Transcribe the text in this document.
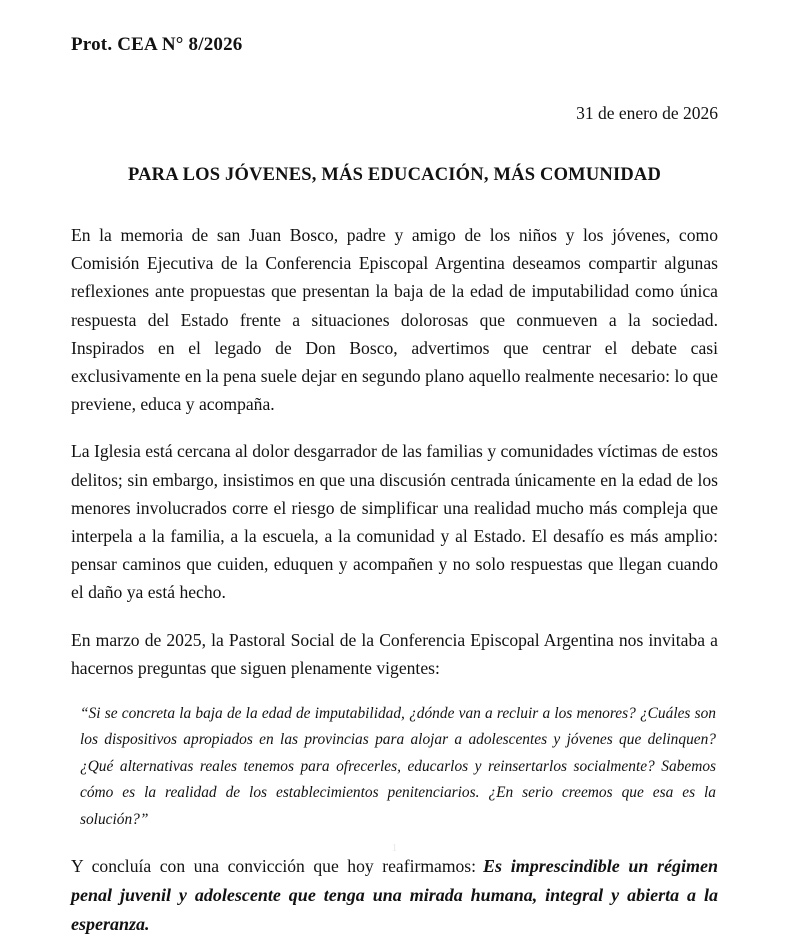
Prot. CEA N° 8/2026

31 de enero de 2026

PARA LOS JÓVENES, MÁS EDUCACIÓN, MÁS COMUNIDAD

En la memoria de san Juan Bosco, padre y amigo de los niños y los jóvenes, como Comisión Ejecutiva de la Conferencia Episcopal Argentina deseamos compartir algunas reflexiones ante propuestas que presentan la baja de la edad de imputabilidad como única respuesta del Estado frente a situaciones dolorosas que conmueven a la sociedad. Inspirados en el legado de Don Bosco, advertimos que centrar el debate casi exclusivamente en la pena suele dejar en segundo plano aquello realmente necesario: lo que previene, educa y acompaña.

La Iglesia está cercana al dolor desgarrador de las familias y comunidades víctimas de estos delitos; sin embargo, insistimos en que una discusión centrada únicamente en la edad de los menores involucrados corre el riesgo de simplificar una realidad mucho más compleja que interpela a la familia, a la escuela, a la comunidad y al Estado. El desafío es más amplio: pensar caminos que cuiden, eduquen y acompañen y no solo respuestas que llegan cuando el daño ya está hecho.

En marzo de 2025, la Pastoral Social de la Conferencia Episcopal Argentina nos invitaba a hacernos preguntas que siguen plenamente vigentes:

“Si se concreta la baja de la edad de imputabilidad, ¿dónde van a recluir a los menores? ¿Cuáles son los dispositivos apropiados en las provincias para alojar a adolescentes y jóvenes que delinquen? ¿Qué alternativas reales tenemos para ofrecerles, educarlos y reinsertarlos socialmente? Sabemos cómo es la realidad de los establecimientos penitenciarios. ¿En serio creemos que esa es la solución?”

Y concluía con una convicción que hoy reafirmamos: Es imprescindible un régimen penal juvenil y adolescente que tenga una mirada humana, integral y abierta a la esperanza.

1
